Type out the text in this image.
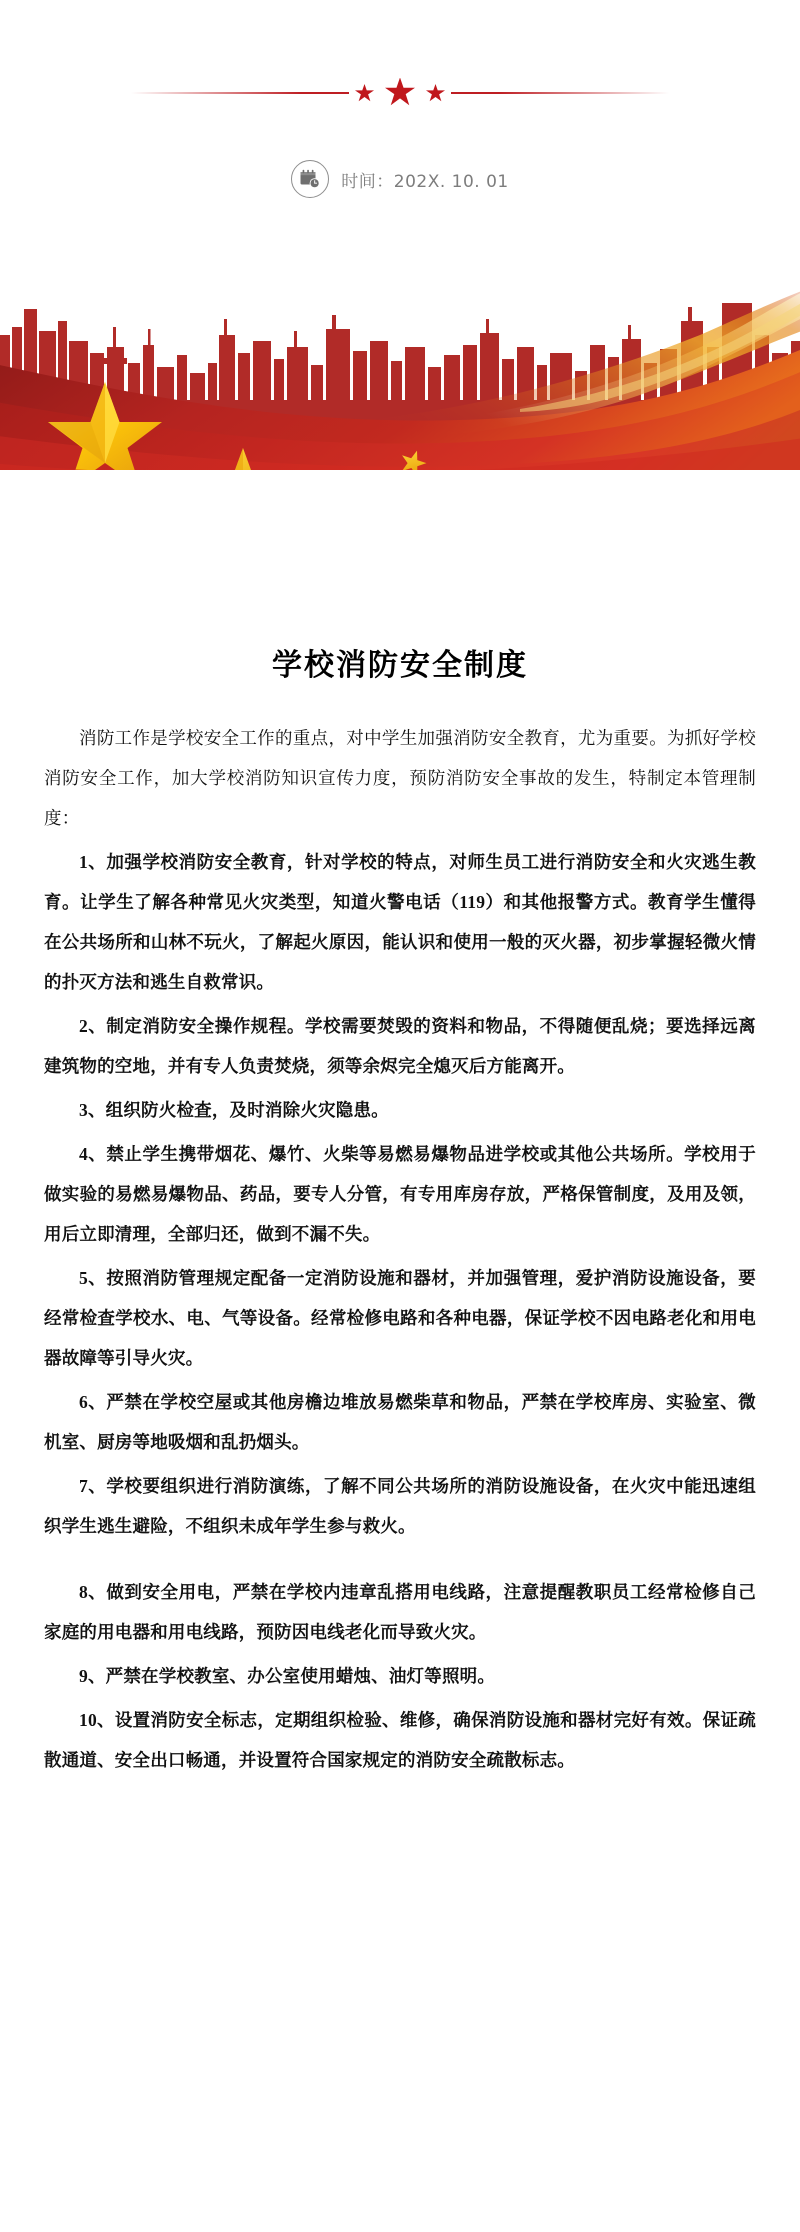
时间：202X. 10. 01
学校消防安全制度

消防工作是学校安全工作的重点，对中学生加强消防安全教育，尤为重要。为抓好学校消防安全工作，加大学校消防知识宣传力度，预防消防安全事故的发生，特制定本管理制度：

1、加强学校消防安全教育，针对学校的特点，对师生员工进行消防安全和火灾逃生教育。让学生了解各种常见火灾类型，知道火警电话（119）和其他报警方式。教育学生懂得在公共场所和山林不玩火，了解起火原因，能认识和使用一般的灭火器，初步掌握轻微火情的扑灭方法和逃生自救常识。

2、制定消防安全操作规程。学校需要焚毁的资料和物品，不得随便乱烧；要选择远离建筑物的空地，并有专人负责焚烧，须等余烬完全熄灭后方能离开。

3、组织防火检查，及时消除火灾隐患。

4、禁止学生携带烟花、爆竹、火柴等易燃易爆物品进学校或其他公共场所。学校用于做实验的易燃易爆物品、药品，要专人分管，有专用库房存放，严格保管制度，及用及领，用后立即清理，全部归还，做到不漏不失。

5、按照消防管理规定配备一定消防设施和器材，并加强管理，爱护消防设施设备，要经常检查学校水、电、气等设备。经常检修电路和各种电器，保证学校不因电路老化和用电器故障等引导火灾。

6、严禁在学校空屋或其他房檐边堆放易燃柴草和物品，严禁在学校库房、实验室、微机室、厨房等地吸烟和乱扔烟头。

7、学校要组织进行消防演练，了解不同公共场所的消防设施设备，在火灾中能迅速组织学生逃生避险，不组织未成年学生参与救火。

8、做到安全用电，严禁在学校内违章乱搭用电线路，注意提醒教职员工经常检修自己家庭的用电器和用电线路，预防因电线老化而导致火灾。

9、严禁在学校教室、办公室使用蜡烛、油灯等照明。

10、设置消防安全标志，定期组织检验、维修，确保消防设施和器材完好有效。保证疏散通道、安全出口畅通，并设置符合国家规定的消防安全疏散标志。
